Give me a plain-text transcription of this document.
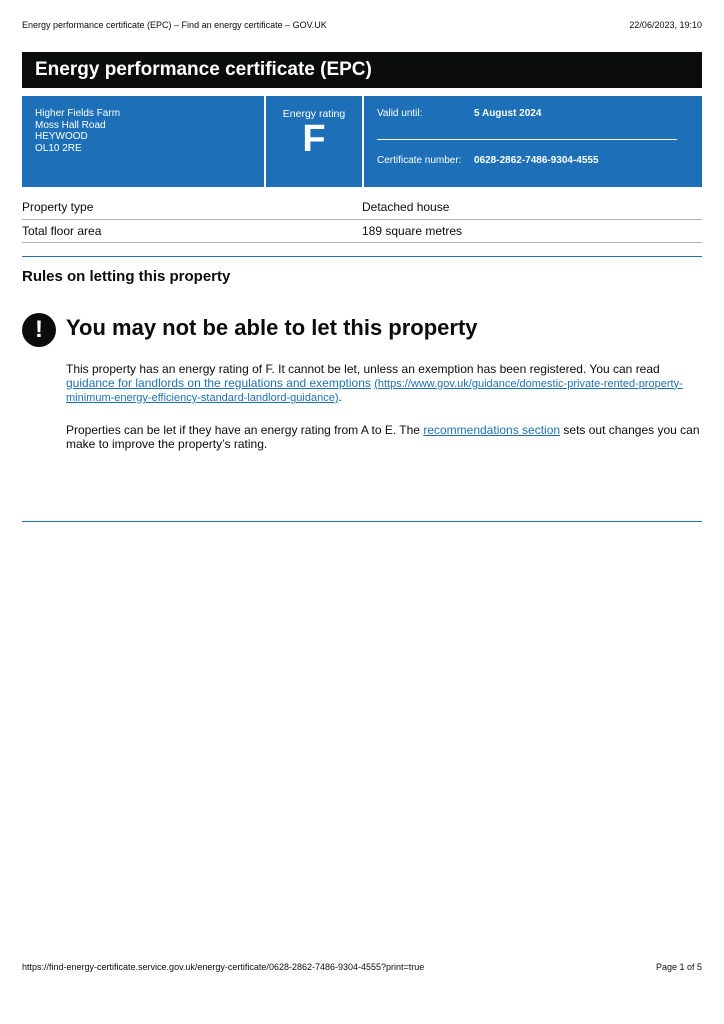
Energy performance certificate (EPC) – Find an energy certificate – GOV.UK	22/06/2023, 19:10
Energy performance certificate (EPC)
Higher Fields Farm
Moss Hall Road
HEYWOOD
OL10 2RE
Energy rating
F
Valid until:	5 August 2024
Certificate number: 0628-2862-7486-9304-4555
Property type	Detached house
Total floor area	189 square metres
Rules on letting this property
!	You may not be able to let this property

This property has an energy rating of F. It cannot be let, unless an exemption has been registered. You can read guidance for landlords on the regulations and exemptions (https://www.gov.uk/guidance/domestic-private-rented-property-minimum-energy-efficiency-standard-landlord-guidance).

Properties can be let if they have an energy rating from A to E. The recommendations section sets out changes you can make to improve the property’s rating.

https://find-energy-certificate.service.gov.uk/energy-certificate/0628-2862-7486-9304-4555?print=true	Page 1 of 5
